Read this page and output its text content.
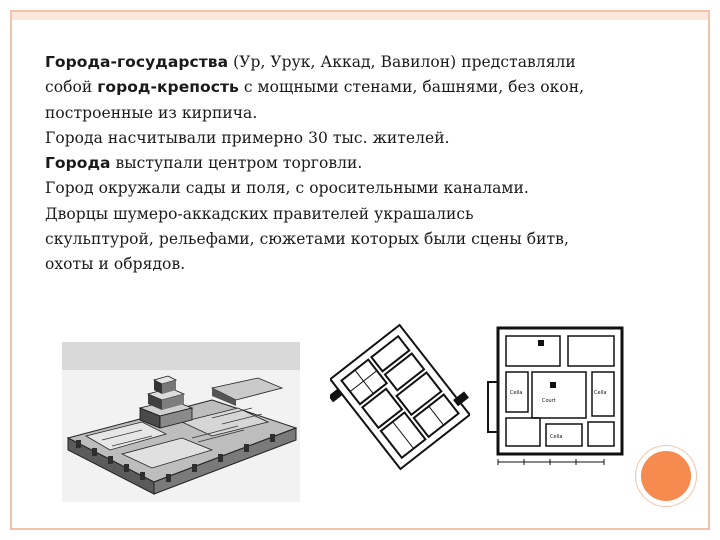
Города-государства (Ур, Урук, Аккад, Вавилон) представляли
собой город-крепость с мощными стенами, башнями, без окон,
построенные из кирпича.
Города насчитывали примерно 30 тыс. жителей.
Города выступали центром торговли.
Город окружали сады и поля, с оросительными каналами.
Дворцы шумеро-аккадских правителей украшались
скульптурой, рельефами, сюжетами которых были сцены битв,
охоты и обрядов.
Cella	Cella
Cella
Court
